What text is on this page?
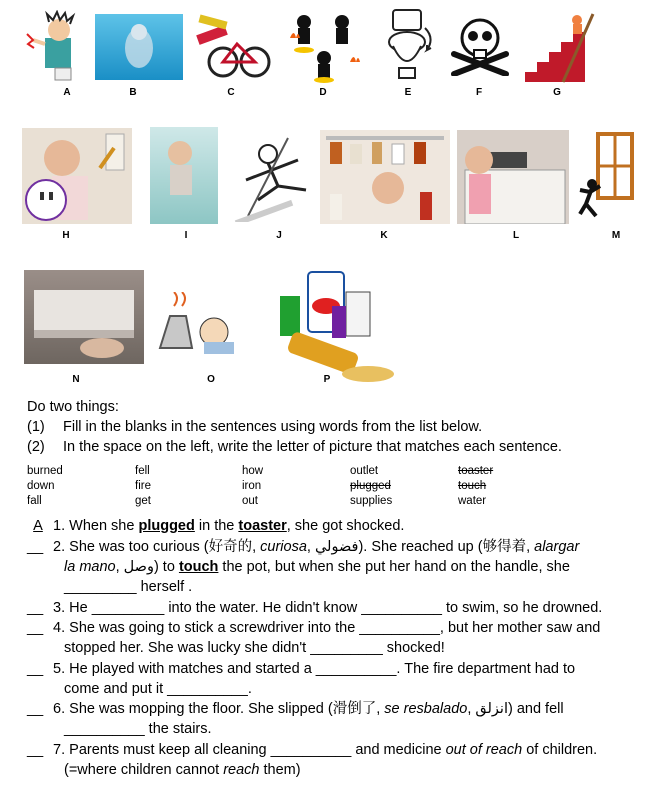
A	B	C	D	E	F	G
H	I	J	K	L	M
N	O	P
Do two things:
(1) Fill in the blanks in the sentences using words from the list below.
(2) In the space on the left, write the letter of picture that matches each sentence.
burned
down
fall
fell
fire
get
how
iron
out
outlet
plugged
supplies
toaster
touch
water
A 1. When she plugged in the toaster, she got shocked.
__ 2. She was too curious (好奇的, curiosa, فضولي). She reached up (够得着, alargar
la mano, وصل) to touch the pot, but when she put her hand on the handle, she
_________ herself .
__ 3. He _________ into the water. He didn't know __________ to swim, so he drowned.
__ 4. She was going to stick a screwdriver into the __________, but her mother saw and
stopped her. She was lucky she didn't _________ shocked!
__ 5. He played with matches and started a __________. The fire department had to
come and put it __________.
__ 6. She was mopping the floor. She slipped (滑倒了, se resbalado, انزلق) and fell
__________ the stairs.
__ 7. Parents must keep all cleaning __________ and medicine out of reach of children.
(=where children cannot reach them)
